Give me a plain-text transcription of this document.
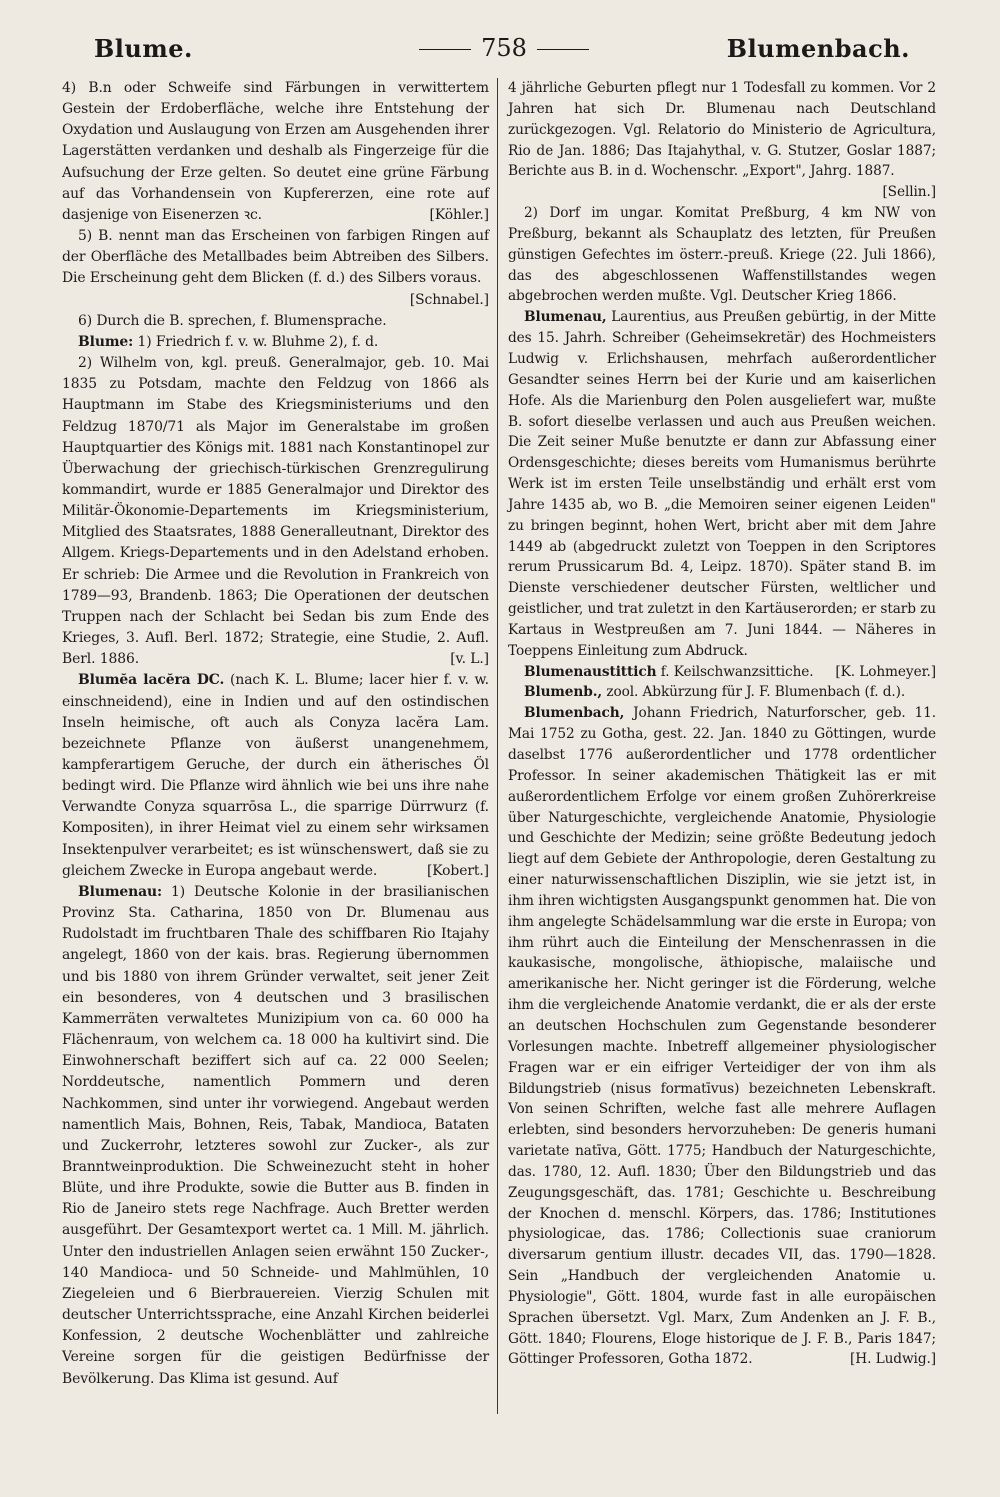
Blume.	758	Blumenbach.

4) B.n oder Schweife sind Färbungen in verwittertem Gestein der Erdoberfläche, welche ihre Entstehung der Oxydation und Auslaugung von Erzen am Ausgehenden ihrer Lagerstätten verdanken und deshalb als Fingerzeige für die Aufsuchung der Erze gelten. So deutet eine grüne Färbung auf das Vorhandensein von Kupfererzen, eine rote auf dasjenige von Eisenerzen ꝛc.	[Köhler.]

5) B. nennt man das Erscheinen von farbigen Ringen auf der Oberfläche des Metallbades beim Abtreiben des Silbers. Die Erscheinung geht dem Blicken (f. d.) des Silbers voraus.
[Schnabel.]

6) Durch die B. sprechen, f. Blumensprache.

Blume: 1) Friedrich f. v. w. Bluhme 2), f. d.

2) Wilhelm von, kgl. preuß. Generalmajor, geb. 10. Mai 1835 zu Potsdam, machte den Feldzug von 1866 als Hauptmann im Stabe des Kriegsministeriums und den Feldzug 1870/71 als Major im Generalstabe im großen Hauptquartier des Königs mit. 1881 nach Konstantinopel zur Überwachung der griechisch-türkischen Grenzregulirung kommandirt, wurde er 1885 Generalmajor und Direktor des Militär-Ökonomie-Departements im Kriegsministerium, Mitglied des Staatsrates, 1888 Generalleutnant, Direktor des Allgem. Kriegs-Departements und in den Adelstand erhoben. Er schrieb: Die Armee und die Revolution in Frankreich von 1789—93, Brandenb. 1863; Die Operationen der deutschen Truppen nach der Schlacht bei Sedan bis zum Ende des Krieges, 3. Aufl. Berl. 1872; Strategie, eine Studie, 2. Aufl. Berl. 1886.	[v. L.]

Blumĕa lacĕra DC. (nach K. L. Blume; lacer hier f. v. w. einschneidend), eine in Indien und auf den ostindischen Inseln heimische, oft auch als Conyza lacĕra Lam. bezeichnete Pflanze von äußerst unangenehmem, kampferartigem Geruche, der durch ein ätherisches Öl bedingt wird. Die Pflanze wird ähnlich wie bei uns ihre nahe Verwandte Conyza squarrōsa L., die sparrige Dürrwurz (f. Kompositen), in ihrer Heimat viel zu einem sehr wirksamen Insektenpulver verarbeitet; es ist wünschenswert, daß sie zu gleichem Zwecke in Europa angebaut werde.	[Kobert.]

Blumenau: 1) Deutsche Kolonie in der brasilianischen Provinz Sta. Catharina, 1850 von Dr. Blumenau aus Rudolstadt im fruchtbaren Thale des schiffbaren Rio Itajahy angelegt, 1860 von der kais. bras. Regierung übernommen und bis 1880 von ihrem Gründer verwaltet, seit jener Zeit ein besonderes, von 4 deutschen und 3 brasilischen Kammerräten verwaltetes Munizipium von ca. 60 000 ha Flächenraum, von welchem ca. 18 000 ha kultivirt sind. Die Einwohnerschaft beziffert sich auf ca. 22 000 Seelen; Norddeutsche, namentlich Pommern und deren Nachkommen, sind unter ihr vorwiegend. Angebaut werden namentlich Mais, Bohnen, Reis, Tabak, Mandioca, Bataten und Zuckerrohr, letzteres sowohl zur Zucker-, als zur Branntweinproduktion. Die Schweinezucht steht in hoher Blüte, und ihre Produkte, sowie die Butter aus B. finden in Rio de Janeiro stets rege Nachfrage. Auch Bretter werden ausgeführt. Der Gesamtexport wertet ca. 1 Mill. M. jährlich. Unter den industriellen Anlagen seien erwähnt 150 Zucker-, 140 Mandioca- und 50 Schneide- und Mahlmühlen, 10 Ziegeleien und 6 Bierbrauereien. Vierzig Schulen mit deutscher Unterrichtssprache, eine Anzahl Kirchen beiderlei Konfession, 2 deutsche Wochenblätter und zahlreiche Vereine sorgen für die geistigen Bedürfnisse der Bevölkerung. Das Klima ist gesund. Auf

4 jährliche Geburten pflegt nur 1 Todesfall zu kommen. Vor 2 Jahren hat sich Dr. Blumenau nach Deutschland zurückgezogen. Vgl. Relatorio do Ministerio de Agricultura, Rio de Jan. 1886; Das Itajahythal, v. G. Stutzer, Goslar 1887; Berichte aus B. in d. Wochenschr. „Export", Jahrg. 1887.
[Sellin.]

2) Dorf im ungar. Komitat Preßburg, 4 km NW von Preßburg, bekannt als Schauplatz des letzten, für Preußen günstigen Gefechtes im österr.-preuß. Kriege (22. Juli 1866), das des abgeschlossenen Waffenstillstandes wegen abgebrochen werden mußte. Vgl. Deutscher Krieg 1866.

Blumenau, Laurentius, aus Preußen gebürtig, in der Mitte des 15. Jahrh. Schreiber (Geheimsekretär) des Hochmeisters Ludwig v. Erlichshausen, mehrfach außerordentlicher Gesandter seines Herrn bei der Kurie und am kaiserlichen Hofe. Als die Marienburg den Polen ausgeliefert war, mußte B. sofort dieselbe verlassen und auch aus Preußen weichen. Die Zeit seiner Muße benutzte er dann zur Abfassung einer Ordensgeschichte; dieses bereits vom Humanismus berührte Werk ist im ersten Teile unselbständig und erhält erst vom Jahre 1435 ab, wo B. „die Memoiren seiner eigenen Leiden" zu bringen beginnt, hohen Wert, bricht aber mit dem Jahre 1449 ab (abgedruckt zuletzt von Toeppen in den Scriptores rerum Prussicarum Bd. 4, Leipz. 1870). Später stand B. im Dienste verschiedener deutscher Fürsten, weltlicher und geistlicher, und trat zuletzt in den Kartäuserorden; er starb zu Kartaus in Westpreußen am 7. Juni 1844. — Näheres in Toeppens Einleitung zum Abdruck.

Blumenaustittich f. Keilschwanzsittiche.	[K. Lohmeyer.]

Blumenb., zool. Abkürzung für J. F. Blumenbach (f. d.).

Blumenbach, Johann Friedrich, Naturforscher, geb. 11. Mai 1752 zu Gotha, gest. 22. Jan. 1840 zu Göttingen, wurde daselbst 1776 außerordentlicher und 1778 ordentlicher Professor. In seiner akademischen Thätigkeit las er mit außerordentlichem Erfolge vor einem großen Zuhörerkreise über Naturgeschichte, vergleichende Anatomie, Physiologie und Geschichte der Medizin; seine größte Bedeutung jedoch liegt auf dem Gebiete der Anthropologie, deren Gestaltung zu einer naturwissenschaftlichen Disziplin, wie sie jetzt ist, in ihm ihren wichtigsten Ausgangspunkt genommen hat. Die von ihm angelegte Schädelsammlung war die erste in Europa; von ihm rührt auch die Einteilung der Menschenrassen in die kaukasische, mongolische, äthiopische, malaiische und amerikanische her. Nicht geringer ist die Förderung, welche ihm die vergleichende Anatomie verdankt, die er als der erste an deutschen Hochschulen zum Gegenstande besonderer Vorlesungen machte. Inbetreff allgemeiner physiologischer Fragen war er ein eifriger Verteidiger der von ihm als Bildungstrieb (nisus formatīvus) bezeichneten Lebenskraft. Von seinen Schriften, welche fast alle mehrere Auflagen erlebten, sind besonders hervorzuheben: De generis humani varietate natīva, Gött. 1775; Handbuch der Naturgeschichte, das. 1780, 12. Aufl. 1830; Über den Bildungstrieb und das Zeugungsgeschäft, das. 1781; Geschichte u. Beschreibung der Knochen d. menschl. Körpers, das. 1786; Institutiones physiologicae, das. 1786; Collectionis suae craniorum diversarum gentium illustr. decades VII, das. 1790—1828. Sein „Handbuch der vergleichenden Anatomie u. Physiologie", Gött. 1804, wurde fast in alle europäischen Sprachen übersetzt. Vgl. Marx, Zum Andenken an J. F. B., Gött. 1840; Flourens, Eloge historique de J. F. B., Paris 1847; Göttinger Professoren, Gotha 1872.	[H. Ludwig.]
